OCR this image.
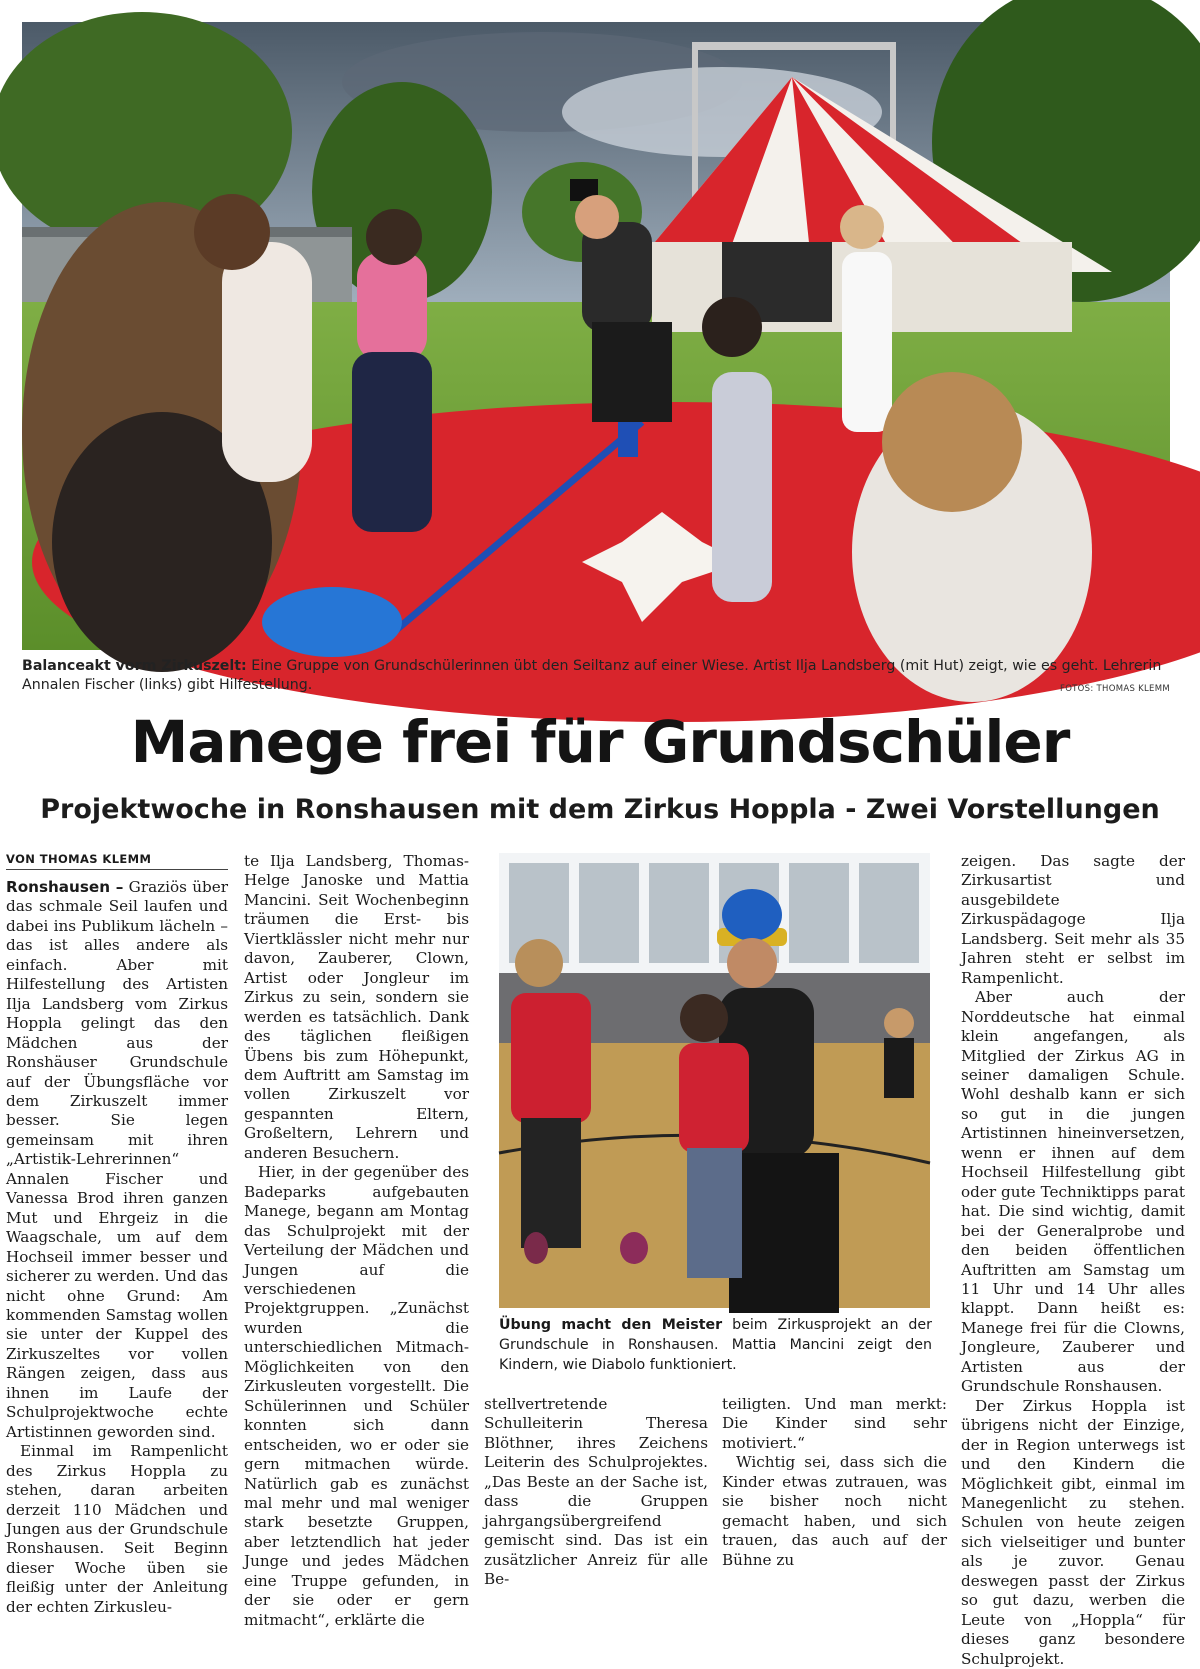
Balanceakt vorm Zirkuszelt: Eine Gruppe von Grundschülerinnen übt den Seiltanz auf einer Wiese. Artist Ilja Landsberg (mit Hut) zeigt, wie es geht. Lehrerin Annalen Fischer (links) gibt Hilfestellung.	FOTOS: THOMAS KLEMM
Manege frei für Grundschüler
Projektwoche in Ronshausen mit dem Zirkus Hoppla - Zwei Vorstellungen
VON THOMAS KLEMM

Ronshausen – Graziös über das schmale Seil laufen und dabei ins Publikum lächeln – das ist alles andere als einfach. Aber mit Hilfestellung des Artisten Ilja Landsberg vom Zirkus Hoppla gelingt das den Mädchen aus der Ronshäuser Grundschule auf der Übungsfläche vor dem Zirkuszelt immer besser. Sie legen gemeinsam mit ihren „Artistik-Lehrerinnen“ Annalen Fischer und Vanessa Brod ihren ganzen Mut und Ehrgeiz in die Waagschale, um auf dem Hochseil immer besser und sicherer zu werden. Und das nicht ohne Grund: Am kommenden Samstag wollen sie unter der Kuppel des Zirkuszeltes vor vollen Rängen zeigen, dass aus ihnen im Laufe der Schulprojektwoche echte Artistinnen geworden sind.

Einmal im Rampenlicht des Zirkus Hoppla zu stehen, daran arbeiten derzeit 110 Mädchen und Jungen aus der Grundschule Ronshausen. Seit Beginn dieser Woche üben sie fleißig unter der Anleitung der echten Zirkusleu-

te Ilja Landsberg, Thomas-Helge Janoske und Mattia Mancini. Seit Wochenbeginn träumen die Erst- bis Viertklässler nicht mehr nur davon, Zauberer, Clown, Artist oder Jongleur im Zirkus zu sein, sondern sie werden es tatsächlich. Dank des täglichen fleißigen Übens bis zum Höhepunkt, dem Auftritt am Samstag im vollen Zirkuszelt vor gespannten Eltern, Großeltern, Lehrern und anderen Besuchern.

Hier, in der gegenüber des Badeparks aufgebauten Manege, begann am Montag das Schulprojekt mit der Verteilung der Mädchen und Jungen auf die verschiedenen Projektgruppen. „Zunächst wurden die unterschiedlichen Mitmach-Möglichkeiten von den Zirkusleuten vorgestellt. Die Schülerinnen und Schüler konnten sich dann entscheiden, wo er oder sie gern mitmachen würde. Natürlich gab es zunächst mal mehr und mal weniger stark besetzte Gruppen, aber letztendlich hat jeder Junge und jedes Mädchen eine Truppe gefunden, in der sie oder er gern mitmacht“, erklärte die

Übung macht den Meister beim Zirkusprojekt an der Grundschule in Ronshausen. Mattia Mancini zeigt den Kindern, wie Diabolo funktioniert.

stellvertretende Schulleiterin Theresa Blöthner, ihres Zeichens Leiterin des Schulprojektes. „Das Beste an der Sache ist, dass die Gruppen jahrgangsübergreifend gemischt sind. Das ist ein zusätzlicher Anreiz für alle Be-

teiligten. Und man merkt: Die Kinder sind sehr motiviert.“

Wichtig sei, dass sich die Kinder etwas zutrauen, was sie bisher noch nicht gemacht haben, und sich trauen, das auch auf der Bühne zu

zeigen. Das sagte der Zirkusartist und ausgebildete Zirkuspädagoge Ilja Landsberg. Seit mehr als 35 Jahren steht er selbst im Rampenlicht.

Aber auch der Norddeutsche hat einmal klein angefangen, als Mitglied der Zirkus AG in seiner damaligen Schule. Wohl deshalb kann er sich so gut in die jungen Artistinnen hineinversetzen, wenn er ihnen auf dem Hochseil Hilfestellung gibt oder gute Techniktipps parat hat. Die sind wichtig, damit bei der Generalprobe und den beiden öffentlichen Auftritten am Samstag um 11 Uhr und 14 Uhr alles klappt. Dann heißt es: Manege frei für die Clowns, Jongleure, Zauberer und Artisten aus der Grundschule Ronshausen.

Der Zirkus Hoppla ist übrigens nicht der Einzige, der in Region unterwegs ist und den Kindern die Möglichkeit gibt, einmal im Manegenlicht zu stehen. Schulen von heute zeigen sich vielseitiger und bunter als je zuvor. Genau deswegen passt der Zirkus so gut dazu, werben die Leute von „Hoppla“ für dieses ganz besondere Schulprojekt.
